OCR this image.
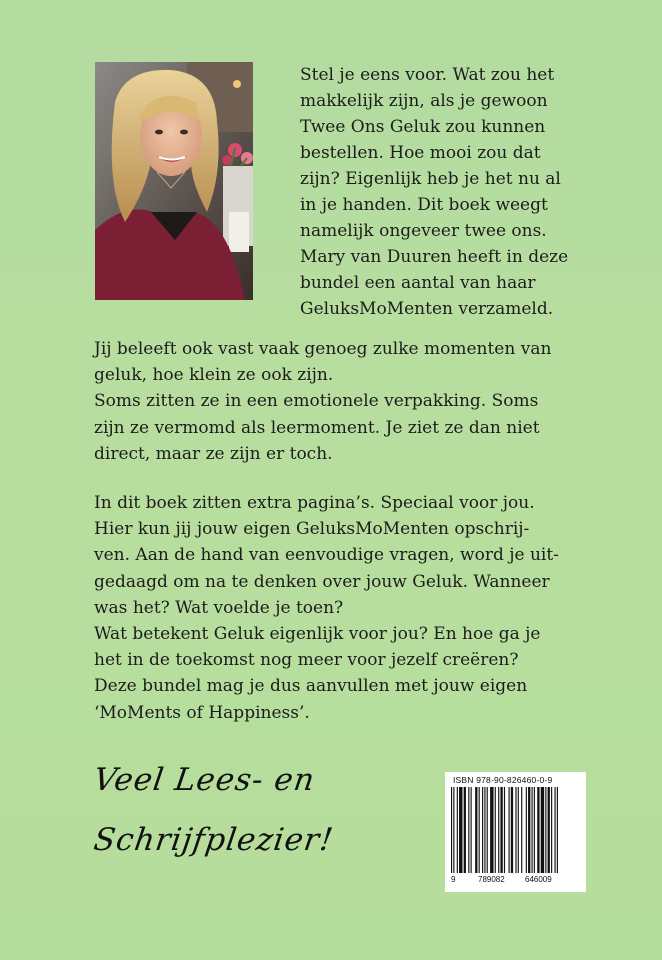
Stel je eens voor. Wat zou het
makkelijk zijn, als je gewoon
Twee Ons Geluk zou kunnen
bestellen. Hoe mooi zou dat
zijn? Eigenlijk heb je het nu al
in je handen. Dit boek weegt
namelijk ongeveer twee ons.
Mary van Duuren heeft in deze
bundel een aantal van haar
GeluksMoMenten verzameld.

Jij beleeft ook vast vaak genoeg zulke momenten van
geluk, hoe klein ze ook zijn.
Soms zitten ze in een emotionele verpakking. Soms
zijn ze vermomd als leermoment. Je ziet ze dan niet
direct, maar ze zijn er toch.

In dit boek zitten extra pagina’s. Speciaal voor jou.
Hier kun jij jouw eigen GeluksMoMenten opschrij-
ven. Aan de hand van eenvoudige vragen, word je uit-
gedaagd om na te denken over jouw Geluk. Wanneer
was het? Wat voelde je toen?
Wat betekent Geluk eigenlijk voor jou? En hoe ga je
het in de toekomst nog meer voor jezelf creëren?
Deze bundel mag je dus aanvullen met jouw eigen
‘MoMents of Happiness’.

Veel Lees- en
Schrijfplezier!
ISBN 978-90-826460-0-9
9	789082	646009
